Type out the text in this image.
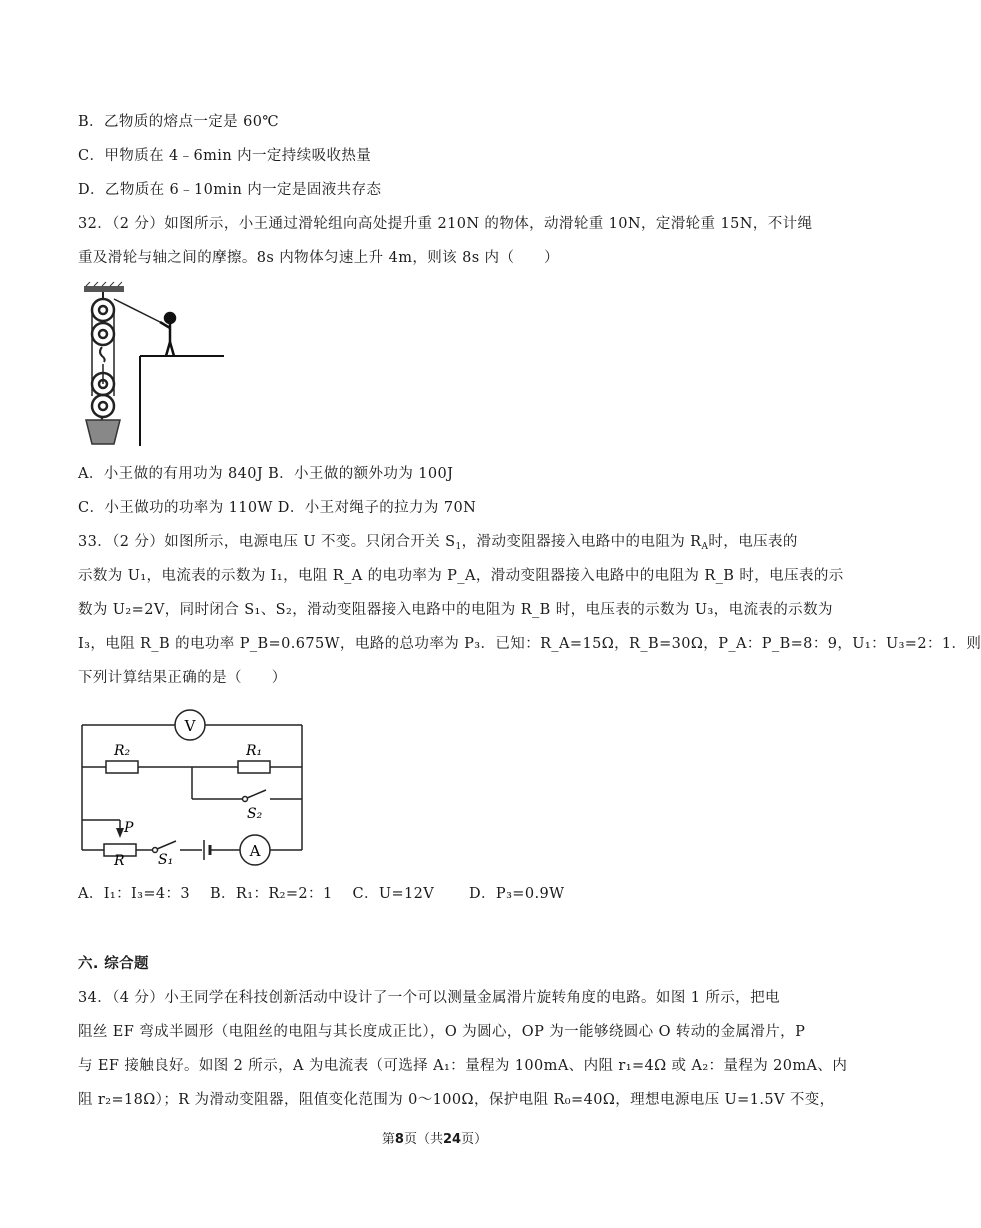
B．乙物质的熔点一定是 60℃
C．甲物质在 4﹣6min 内一定持续吸收热量
D．乙物质在 6﹣10min 内一定是固液共存态
32．（2 分）如图所示，小王通过滑轮组向高处提升重 210N 的物体，动滑轮重 10N，定滑轮重 15N，不计绳
重及滑轮与轴之间的摩擦。8s 内物体匀速上升 4m，则该 8s 内（　　）
A．小王做的有用功为 840J B．小王做的额外功为 100J
C．小王做功的功率为 110W D．小王对绳子的拉力为 70N
33．（2 分）如图所示，电源电压 U 不变。只闭合开关 $S_1$，滑动变阻器接入电路中的电阻为 $R_A$时，电压表的
示数为 U₁，电流表的示数为 I₁，电阻 R_A 的电功率为 P_A，滑动变阻器接入电路中的电阻为 R_B 时，电压表的示
数为 U₂=2V，同时闭合 S₁、S₂，滑动变阻器接入电路中的电阻为 R_B 时，电压表的示数为 U₃，电流表的示数为
I₃，电阻 R_B 的电功率 P_B=0.675W，电路的总功率为 P₃．已知：R_A=15Ω，R_B=30Ω，P_A：P_B=8：9，U₁：U₃=2：1．则
下列计算结果正确的是（　　）
V
A
R₂	R₁
S₂
S₁
P
R
A．I₁：I₃=4：3　 B．R₁：R₂=2：1　 C．U=12V　　 D．P₃=0.9W
六. 综合题
34．（4 分）小王同学在科技创新活动中设计了一个可以测量金属滑片旋转角度的电路。如图 1 所示，把电
阻丝 EF 弯成半圆形（电阻丝的电阻与其长度成正比），O 为圆心，OP 为一能够绕圆心 O 转动的金属滑片，P
与 EF 接触良好。如图 2 所示，A 为电流表（可选择 A₁：量程为 100mA、内阻 r₁=4Ω 或 A₂：量程为 20mA、内
阻 r₂=18Ω）；R 为滑动变阻器，阻值变化范围为 0～100Ω，保护电阻 R₀=40Ω，理想电源电压 U=1.5V 不变，
第8页（共24页）
